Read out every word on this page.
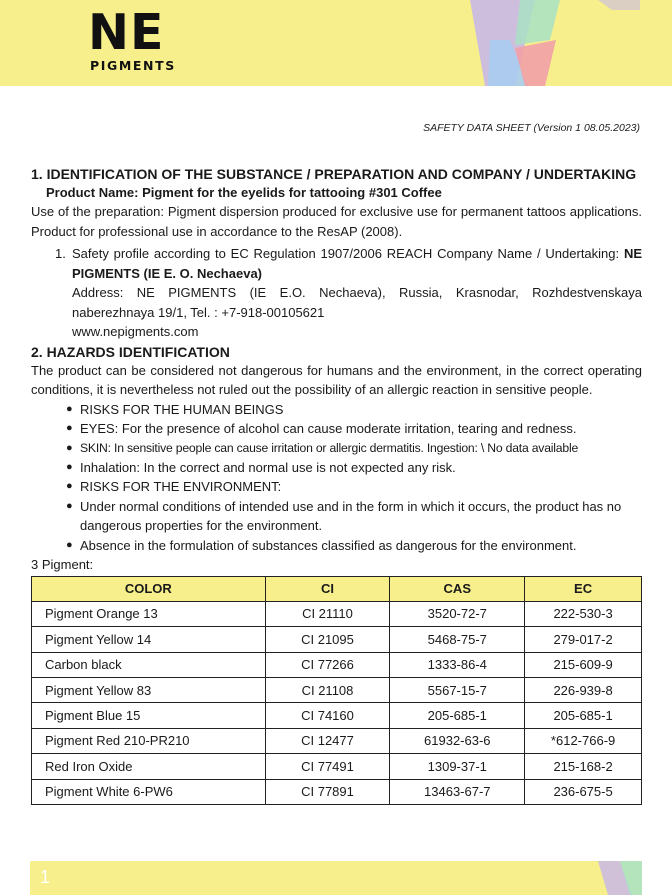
NE
PIGMENTS
SAFETY DATA SHEET (Version 1 08.05.2023)
1. IDENTIFICATION OF THE SUBSTANCE / PREPARATION AND COMPANY / UNDERTAKING

Product Name: Pigment for the eyelids for tattooing #301 Coffee

Use of the preparation: Pigment dispersion produced for exclusive use for permanent tattoos applications. Product for professional use in accordance to the ResAP (2008).

1. Safety profile according to EC Regulation 1907/2006 REACH Company Name / Undertaking: NE PIGMENTS (IE E. O. Nechaeva)
Address: NE PIGMENTS (IE E.O. Nechaeva), Russia, Krasnodar, Rozhdestvenskaya naberezhnaya 19/1, Tel. : +7-918-00105621
www.nepigments.com
2. HAZARDS IDENTIFICATION

The product can be considered not dangerous for humans and the environment, in the correct operating conditions, it is nevertheless not ruled out the possibility of an allergic reaction in sensitive people.

● RISKS FOR THE HUMAN BEINGS
● EYES: For the presence of alcohol can cause moderate irritation, tearing and redness.
● SKIN: In sensitive people can cause irritation or allergic dermatitis. Ingestion: \ No data available
● Inhalation: In the correct and normal use is not expected any risk.
● RISKS FOR THE ENVIRONMENT:
● Under normal conditions of intended use and in the form in which it occurs, the product has no dangerous properties for the environment.
● Absence in the formulation of substances classified as dangerous for the environment.

3 Pigment:

COLOR	CI	CAS	EC
Pigment Orange 13	CI 21110	3520-72-7	222-530-3
Pigment Yellow 14	CI 21095	5468-75-7	279-017-2
Carbon black	CI 77266	1333-86-4	215-609-9
Pigment Yellow 83	CI 21108	5567-15-7	226-939-8
Pigment Blue 15	CI 74160	205-685-1	205-685-1
Pigment Red 210-PR210	CI 12477	61932-63-6	*612-766-9
Red Iron Oxide	CI 77491	1309-37-1	215-168-2
Pigment White 6-PW6	CI 77891	13463-67-7	236-675-5
1
